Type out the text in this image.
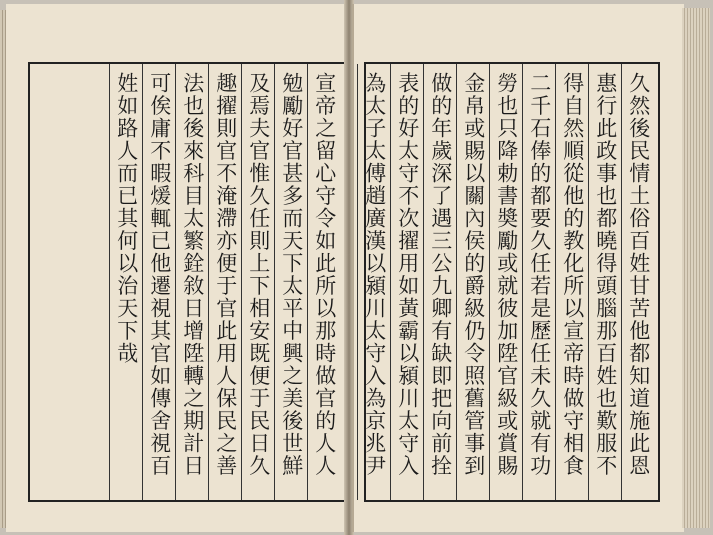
宣帝之留心守令如此所以那時做官的人人
勉勵好官甚多而天下太平中興之美後世鮮
及焉夫官惟久任則上下相安既便于民日久
趣擢則官不淹滯亦便于官此用人保民之善
法也後來科目太繁銓敘日增陞轉之期計日
可俟庸不暇煖輒已他遷視其官如傳舍視百
姓如路人而已其何以治天下哉	久然後民情土俗百姓甘苦他都知道施此恩
惠行此政事也都曉得頭腦那百姓也歎服不
得自然順從他的教化所以宣帝時做守相食
二千石俸的都要久任若是歷任未久就有功
勞也只降勅書奬勵或就彼加陞官級或賞賜
金帛或賜以關內侯的爵級仍令照舊管事到
做的年歲深了遇三公九卿有缺即把向前拴
表的好太守不次擢用如黃霸以潁川太守入
為太子太傅趙廣漢以潁川太守入為京兆尹
